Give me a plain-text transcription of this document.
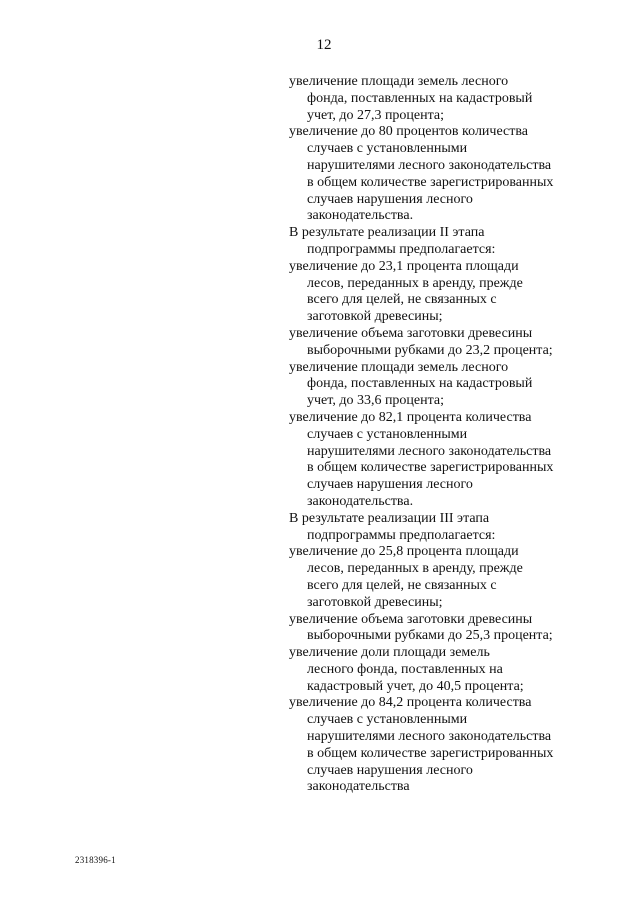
12
увеличение площади земель лесного
фонда, поставленных на кадастровый
учет, до 27,3 процента;
увеличение до 80 процентов количества
случаев с установленными
нарушителями лесного законодательства
в общем количестве зарегистрированных
случаев нарушения лесного
законодательства.
В результате реализации II этапа
подпрограммы предполагается:
увеличение до 23,1 процента площади
лесов, переданных в аренду, прежде
всего для целей, не связанных с
заготовкой древесины;
увеличение объема заготовки древесины
выборочными рубками до 23,2 процента;
увеличение площади земель лесного
фонда, поставленных на кадастровый
учет, до 33,6 процента;
увеличение до 82,1 процента количества
случаев с установленными
нарушителями лесного законодательства
в общем количестве зарегистрированных
случаев нарушения лесного
законодательства.
В результате реализации III этапа
подпрограммы предполагается:
увеличение до 25,8 процента площади
лесов, переданных в аренду, прежде
всего для целей, не связанных с
заготовкой древесины;
увеличение объема заготовки древесины
выборочными рубками до 25,3 процента;
увеличение доли площади земель
лесного фонда, поставленных на
кадастровый учет, до 40,5 процента;
увеличение до 84,2 процента количества
случаев с установленными
нарушителями лесного законодательства
в общем количестве зарегистрированных
случаев нарушения лесного
законодательства
2318396-1
